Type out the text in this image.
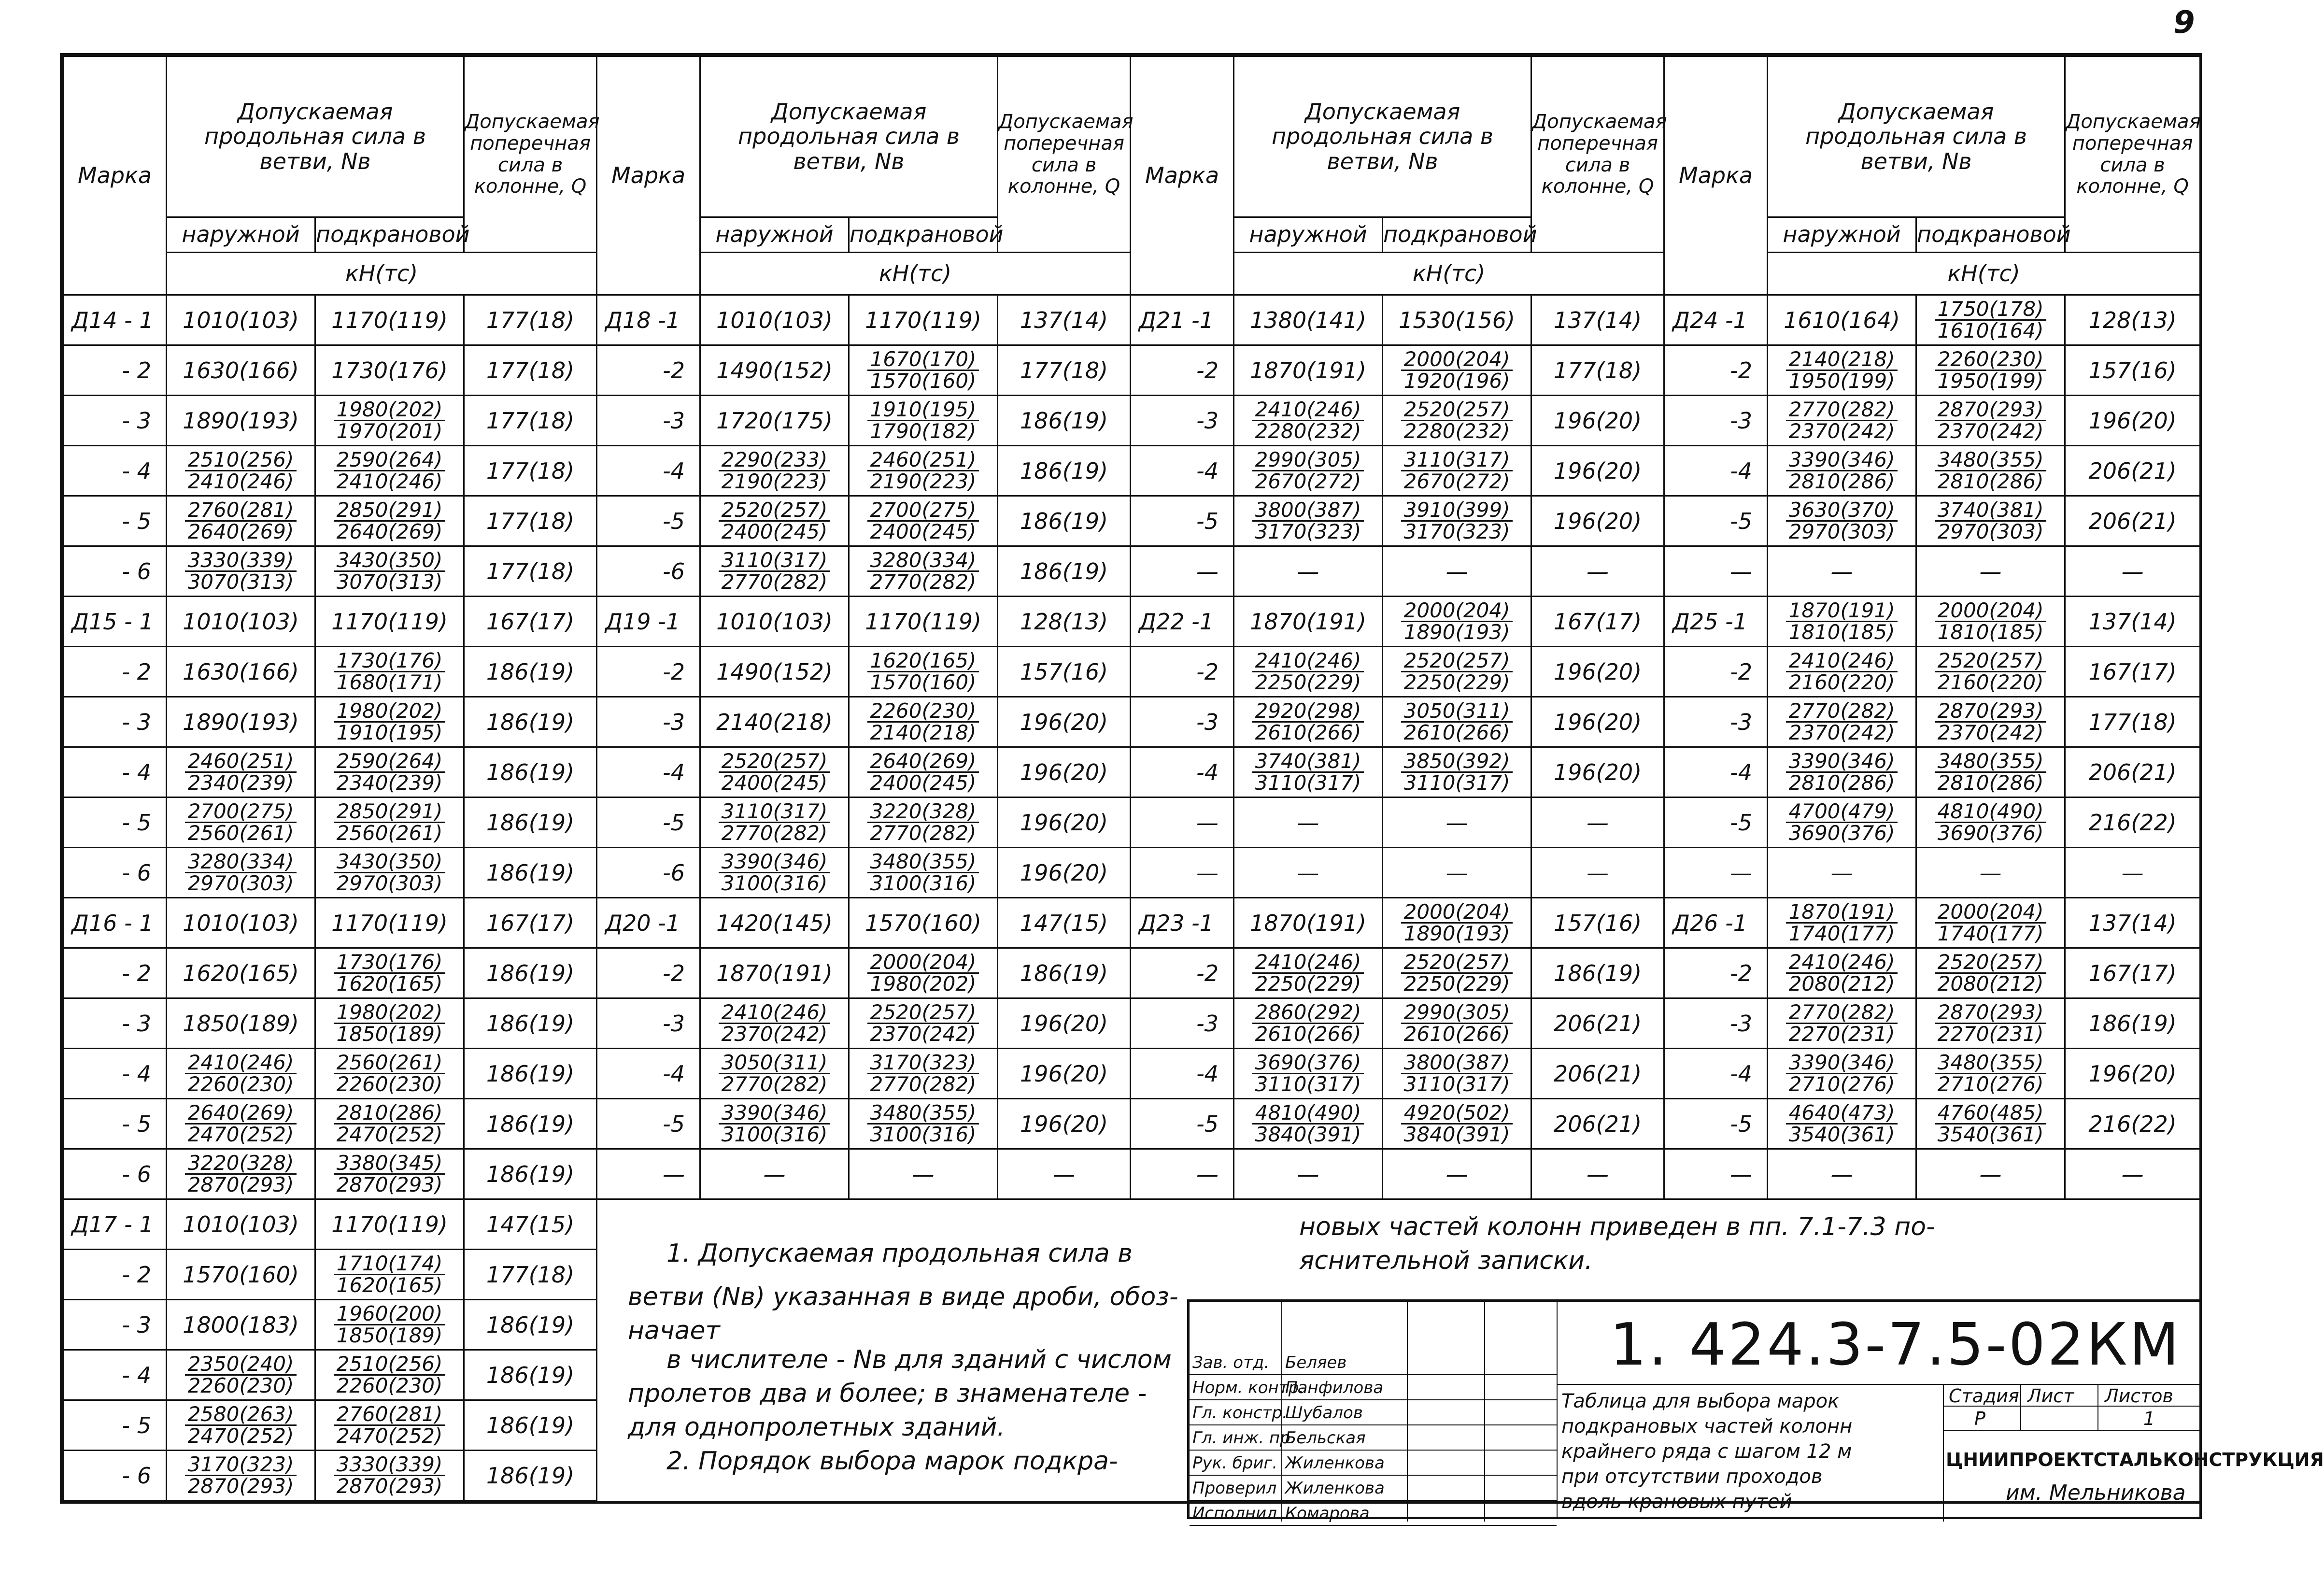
9
Марка	Допускаемая продольная сила в ветви, Nв		Допускаемая поперечная сила в колонне, Q	Марка	Допускаемая продольная сила в ветви, Nв		Допускаемая поперечная сила в колонне, Q	Марка	Допускаемая продольная сила в ветви, Nв		Допускаемая поперечная сила в колонне, Q	Марка	Допускаемая продольная сила в ветви, Nв		Допускаемая поперечная сила в колонне, Q
	наружной	подкрановой			наружной	подкрановой			наружной	подкрановой			наружной	подкрановой	
	кН(тс)				кН(тс)				кН(тс)				кН(тс)		
Д14 - 1	1010(103)	1170(119)	177(18)	Д18 -1	1010(103)	1170(119)	137(14)	Д21 -1	1380(141)	1530(156)	137(14)	Д24 -1	1610(164)	$\frac{1750(178)}{1610(164)}$	128(13)
- 2	1630(166)	1730(176)	177(18)	-2	1490(152)	$\frac{1670(170)}{1570(160)}$	177(18)	-2	1870(191)	$\frac{2000(204)}{1920(196)}$	177(18)	-2	$\frac{2140(218)}{1950(199)}$	$\frac{2260(230)}{1950(199)}$	157(16)
- 3	1890(193)	$\frac{1980(202)}{1970(201)}$	177(18)	-3	1720(175)	$\frac{1910(195)}{1790(182)}$	186(19)	-3	$\frac{2410(246)}{2280(232)}$	$\frac{2520(257)}{2280(232)}$	196(20)	-3	$\frac{2770(282)}{2370(242)}$	$\frac{2870(293)}{2370(242)}$	196(20)
- 4	$\frac{2510(256)}{2410(246)}$	$\frac{2590(264)}{2410(246)}$	177(18)	-4	$\frac{2290(233)}{2190(223)}$	$\frac{2460(251)}{2190(223)}$	186(19)	-4	$\frac{2990(305)}{2670(272)}$	$\frac{3110(317)}{2670(272)}$	196(20)	-4	$\frac{3390(346)}{2810(286)}$	$\frac{3480(355)}{2810(286)}$	206(21)
- 5	$\frac{2760(281)}{2640(269)}$	$\frac{2850(291)}{2640(269)}$	177(18)	-5	$\frac{2520(257)}{2400(245)}$	$\frac{2700(275)}{2400(245)}$	186(19)	-5	$\frac{3800(387)}{3170(323)}$	$\frac{3910(399)}{3170(323)}$	196(20)	-5	$\frac{3630(370)}{2970(303)}$	$\frac{3740(381)}{2970(303)}$	206(21)
- 6	$\frac{3330(339)}{3070(313)}$	$\frac{3430(350)}{3070(313)}$	177(18)	-6	$\frac{3110(317)}{2770(282)}$	$\frac{3280(334)}{2770(282)}$	186(19)	—	—	—	—	—	—	—	—
Д15 - 1	1010(103)	1170(119)	167(17)	Д19 -1	1010(103)	1170(119)	128(13)	Д22 -1	1870(191)	$\frac{2000(204)}{1890(193)}$	167(17)	Д25 -1	$\frac{1870(191)}{1810(185)}$	$\frac{2000(204)}{1810(185)}$	137(14)
- 2	1630(166)	$\frac{1730(176)}{1680(171)}$	186(19)	-2	1490(152)	$\frac{1620(165)}{1570(160)}$	157(16)	-2	$\frac{2410(246)}{2250(229)}$	$\frac{2520(257)}{2250(229)}$	196(20)	-2	$\frac{2410(246)}{2160(220)}$	$\frac{2520(257)}{2160(220)}$	167(17)
- 3	1890(193)	$\frac{1980(202)}{1910(195)}$	186(19)	-3	2140(218)	$\frac{2260(230)}{2140(218)}$	196(20)	-3	$\frac{2920(298)}{2610(266)}$	$\frac{3050(311)}{2610(266)}$	196(20)	-3	$\frac{2770(282)}{2370(242)}$	$\frac{2870(293)}{2370(242)}$	177(18)
- 4	$\frac{2460(251)}{2340(239)}$	$\frac{2590(264)}{2340(239)}$	186(19)	-4	$\frac{2520(257)}{2400(245)}$	$\frac{2640(269)}{2400(245)}$	196(20)	-4	$\frac{3740(381)}{3110(317)}$	$\frac{3850(392)}{3110(317)}$	196(20)	-4	$\frac{3390(346)}{2810(286)}$	$\frac{3480(355)}{2810(286)}$	206(21)
- 5	$\frac{2700(275)}{2560(261)}$	$\frac{2850(291)}{2560(261)}$	186(19)	-5	$\frac{3110(317)}{2770(282)}$	$\frac{3220(328)}{2770(282)}$	196(20)	—	—	—	—	-5	$\frac{4700(479)}{3690(376)}$	$\frac{4810(490)}{3690(376)}$	216(22)
- 6	$\frac{3280(334)}{2970(303)}$	$\frac{3430(350)}{2970(303)}$	186(19)	-6	$\frac{3390(346)}{3100(316)}$	$\frac{3480(355)}{3100(316)}$	196(20)	—	—	—	—	—	—	—	—
Д16 - 1	1010(103)	1170(119)	167(17)	Д20 -1	1420(145)	1570(160)	147(15)	Д23 -1	1870(191)	$\frac{2000(204)}{1890(193)}$	157(16)	Д26 -1	$\frac{1870(191)}{1740(177)}$	$\frac{2000(204)}{1740(177)}$	137(14)
- 2	1620(165)	$\frac{1730(176)}{1620(165)}$	186(19)	-2	1870(191)	$\frac{2000(204)}{1980(202)}$	186(19)	-2	$\frac{2410(246)}{2250(229)}$	$\frac{2520(257)}{2250(229)}$	186(19)	-2	$\frac{2410(246)}{2080(212)}$	$\frac{2520(257)}{2080(212)}$	167(17)
- 3	1850(189)	$\frac{1980(202)}{1850(189)}$	186(19)	-3	$\frac{2410(246)}{2370(242)}$	$\frac{2520(257)}{2370(242)}$	196(20)	-3	$\frac{2860(292)}{2610(266)}$	$\frac{2990(305)}{2610(266)}$	206(21)	-3	$\frac{2770(282)}{2270(231)}$	$\frac{2870(293)}{2270(231)}$	186(19)
- 4	$\frac{2410(246)}{2260(230)}$	$\frac{2560(261)}{2260(230)}$	186(19)	-4	$\frac{3050(311)}{2770(282)}$	$\frac{3170(323)}{2770(282)}$	196(20)	-4	$\frac{3690(376)}{3110(317)}$	$\frac{3800(387)}{3110(317)}$	206(21)	-4	$\frac{3390(346)}{2710(276)}$	$\frac{3480(355)}{2710(276)}$	196(20)
- 5	$\frac{2640(269)}{2470(252)}$	$\frac{2810(286)}{2470(252)}$	186(19)	-5	$\frac{3390(346)}{3100(316)}$	$\frac{3480(355)}{3100(316)}$	196(20)	-5	$\frac{4810(490)}{3840(391)}$	$\frac{4920(502)}{3840(391)}$	206(21)	-5	$\frac{4640(473)}{3540(361)}$	$\frac{4760(485)}{3540(361)}$	216(22)
- 6	$\frac{3220(328)}{2870(293)}$	$\frac{3380(345)}{2870(293)}$	186(19)	—	—	—	—	—	—	—	—	—	—	—	—
Д17 - 1	1010(103)	1170(119)	147(15)												
- 2	1570(160)	$\frac{1710(174)}{1620(165)}$	177(18)												
- 3	1800(183)	$\frac{1960(200)}{1850(189)}$	186(19)												
- 4	$\frac{2350(240)}{2260(230)}$	$\frac{2510(256)}{2260(230)}$	186(19)												
- 5	$\frac{2580(263)}{2470(252)}$	$\frac{2760(281)}{2470(252)}$	186(19)												
- 6	$\frac{3170(323)}{2870(293)}$	$\frac{3330(339)}{2870(293)}$	186(19)												
1. Допускаемая продольная сила в
новых частей колонн приведен в пп. 7.1-7.3 по-
яснительной записки.
ветви (Nв) указанная в виде дроби, обоз-
начает
в числителе - Nв для зданий с числом
пролетов два и более; в знаменателе -
для однопролетных зданий.
2. Порядок выбора марок подкра-
Зав. отд. Беляев
Норм. контр.
Панфилова
Гл. констр.
Шубалов
Гл. инж. пр.
Бельская
Рук. бриг. Жиленкова
Проверил Жиленкова
Исполнил Комарова
1. 424.3-7.5-02КМ
Таблица для выбора марок
подкрановых частей колонн
крайнего ряда с шагом 12 м
при отсутствии проходов
вдоль крановых путей
Стадия Лист Листов
Р	1
ЦНИИПРОЕКТСТАЛЬКОНСТРУКЦИЯ
им. Мельникова
